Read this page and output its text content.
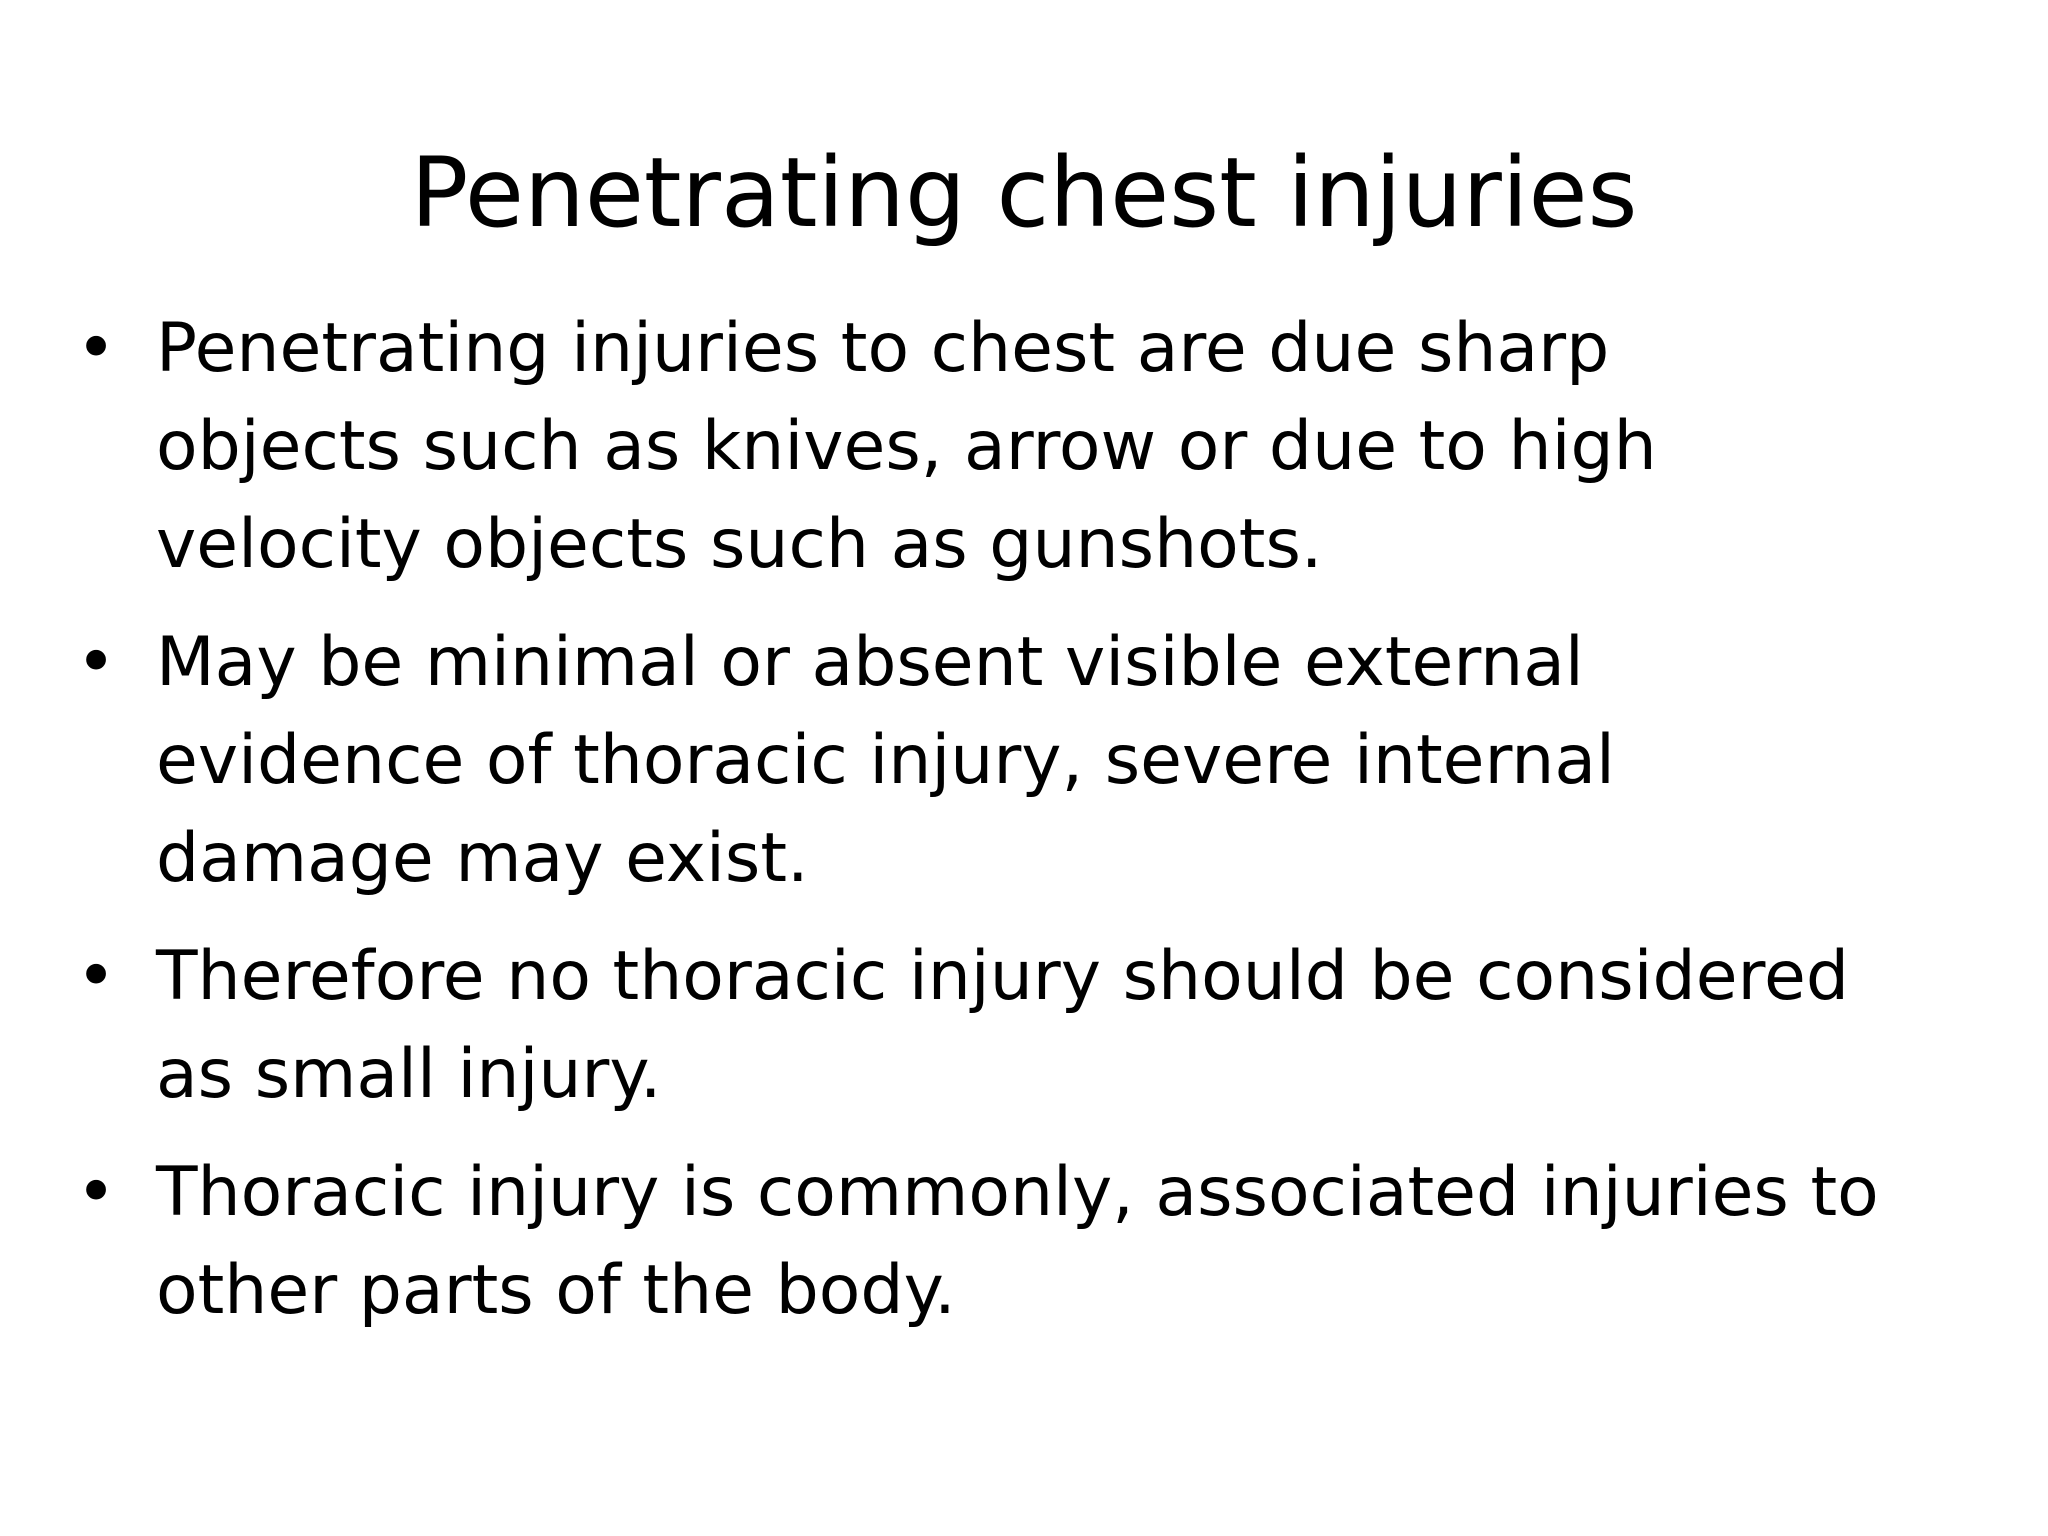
Penetrating chest injuries
• Penetrating injuries to chest are due sharp
objects such as knives, arrow or due to high
velocity objects such as gunshots.
• May be minimal or absent visible external
evidence of thoracic injury, severe internal
damage may exist.
• Therefore no thoracic injury should be considered
as small injury.
• Thoracic injury is commonly, associated injuries to
other parts of the body.
